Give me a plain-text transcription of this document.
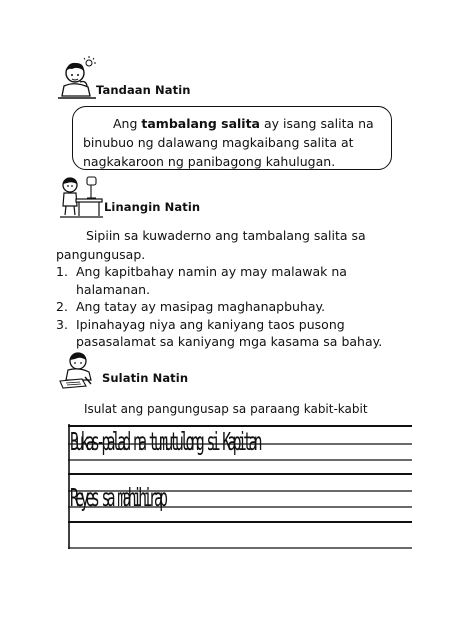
Tandaan Natin
Ang tambalang salita ay isang salita na
binubuo ng dalawang magkaibang salita at
nagkakaroon ng panibagong kahulugan.
Linangin Natin
Sipiin sa kuwaderno ang tambalang salita sa
pangungusap.
1. Ang kapitbahay namin ay may malawak na
halamanan.
2. Ang tatay ay masipag maghanapbuhay.
3. Ipinahayag niya ang kaniyang taos pusong
pasasalamat sa kaniyang mga kasama sa bahay.
Sulatin Natin
Isulat ang pangungusap sa paraang kabit-kabit
Bukas-palad na tumutulong si Kapitan
Reyes sa mahihirap
